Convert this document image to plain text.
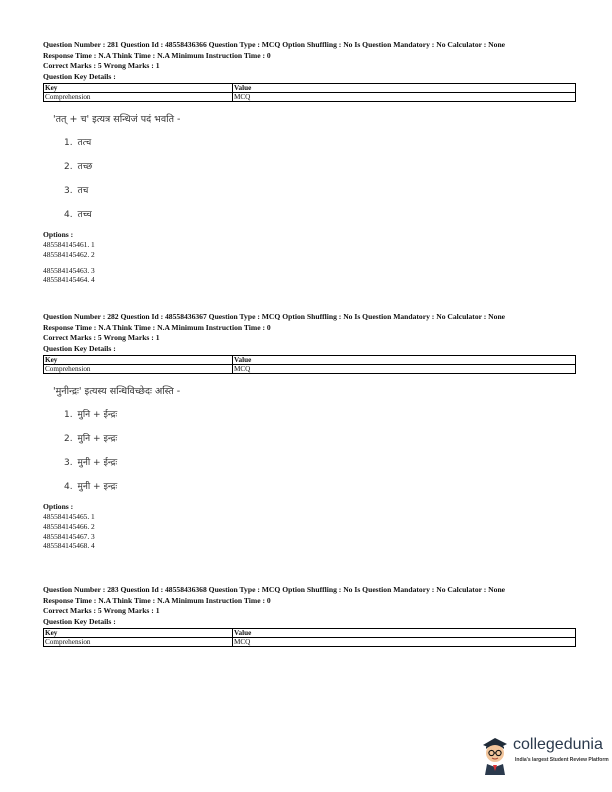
Question Number : 281 Question Id : 48558436366 Question Type : MCQ Option Shuffling : No Is Question Mandatory : No Calculator : None
Response Time : N.A Think Time : N.A Minimum Instruction Time : 0
Correct Marks : 5 Wrong Marks : 1
Question Key Details :
Key	Value
Comprehension	MCQ
'तत् + च' इत्यत्र सन्धिजं पदं भवति -
1. तत्च
2. तच्छ
3. तच
4. तच्च
Options :
485584145461. 1
485584145462. 2
485584145463. 3
485584145464. 4
Question Number : 282 Question Id : 48558436367 Question Type : MCQ Option Shuffling : No Is Question Mandatory : No Calculator : None
Response Time : N.A Think Time : N.A Minimum Instruction Time : 0
Correct Marks : 5 Wrong Marks : 1
Question Key Details :
Key	Value
Comprehension	MCQ
'मुनीन्द्रः' इत्यस्य सन्धिविच्छेदः अस्ति -
1. मुनि + ईन्द्रः
2. मुनि + इन्द्रः
3. मुनी + ईन्द्रः
4. मुनी + इन्द्रः
Options :
485584145465. 1
485584145466. 2
485584145467. 3
485584145468. 4
Question Number : 283 Question Id : 48558436368 Question Type : MCQ Option Shuffling : No Is Question Mandatory : No Calculator : None
Response Time : N.A Think Time : N.A Minimum Instruction Time : 0
Correct Marks : 5 Wrong Marks : 1
Question Key Details :
Key	Value
Comprehension	MCQ
collegedunia
India's largest Student Review Platform
